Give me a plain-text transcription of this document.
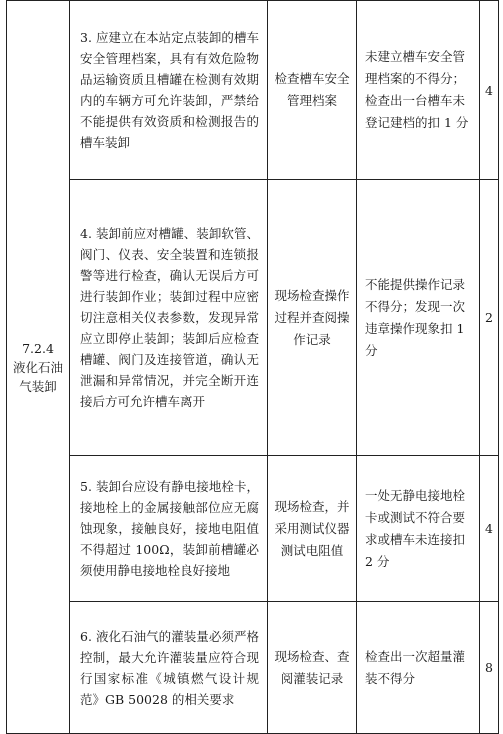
7.2.4
液化石油气装卸	3. 应建立在本站定点装卸的槽车安全管理档案，具有有效危险物品运输资质且槽罐在检测有效期内的车辆方可允许装卸，严禁给不能提供有效资质和检测报告的槽车装卸	检查槽车安全管理档案	未建立槽车安全管理档案的不得分；检查出一台槽车未登记建档的扣 1 分	4

	4. 装卸前应对槽罐、装卸软管、阀门、仪表、安全装置和连锁报警等进行检查，确认无误后方可进行装卸作业；装卸过程中应密切注意相关仪表参数，发现异常应立即停止装卸；装卸后应检查槽罐、阀门及连接管道，确认无泄漏和异常情况，并完全断开连接后方可允许槽车离开	现场检查操作过程并查阅操作记录	不能提供操作记录不得分；发现一次违章操作现象扣 1 分	2

	5. 装卸台应设有静电接地栓卡，接地栓上的金属接触部位应无腐蚀现象，接触良好，接地电阻值不得超过 100Ω，装卸前槽罐必须使用静电接地栓良好接地	现场检查，并采用测试仪器测试电阻值	一处无静电接地栓卡或测试不符合要求或槽车未连接扣 2 分	4

	6. 液化石油气的灌装量必须严格控制，最大允许灌装量应符合现行国家标准《城镇燃气设计规范》GB 50028 的相关要求	现场检查、查阅灌装记录	检查出一次超量灌装不得分	8
